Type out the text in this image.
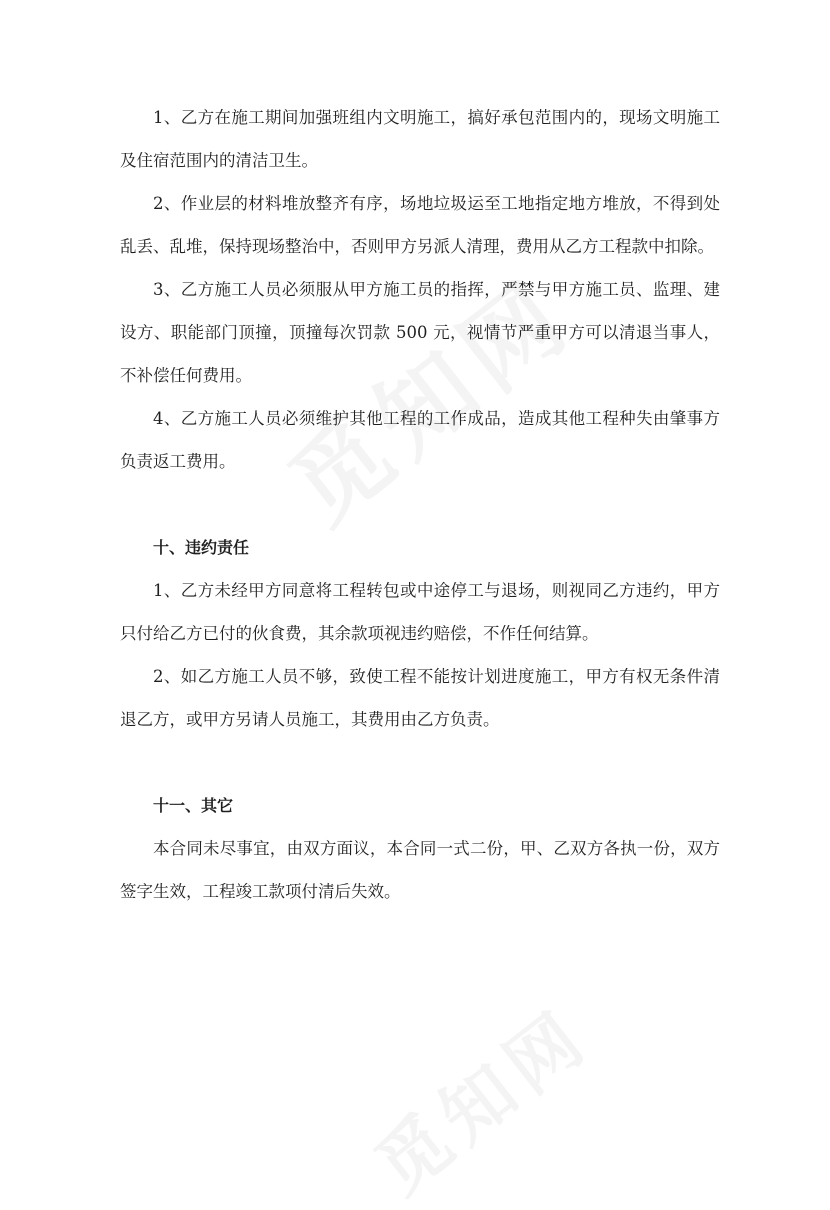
1、乙方在施工期间加强班组内文明施工，搞好承包范围内的，现场文明施工及住宿范围内的清洁卫生。

2、作业层的材料堆放整齐有序，场地垃圾运至工地指定地方堆放，不得到处乱丢、乱堆，保持现场整治中，否则甲方另派人清理，费用从乙方工程款中扣除。

3、乙方施工人员必须服从甲方施工员的指挥，严禁与甲方施工员、监理、建设方、职能部门顶撞，顶撞每次罚款 500 元，视情节严重甲方可以清退当事人，不补偿任何费用。

4、乙方施工人员必须维护其他工程的工作成品，造成其他工程种失由肇事方负责返工费用。

十、违约责任

1、乙方未经甲方同意将工程转包或中途停工与退场，则视同乙方违约，甲方只付给乙方已付的伙食费，其余款项视违约赔偿，不作任何结算。

2、如乙方施工人员不够，致使工程不能按计划进度施工，甲方有权无条件清退乙方，或甲方另请人员施工，其费用由乙方负责。

十一、其它

本合同未尽事宜，由双方面议，本合同一式二份，甲、乙双方各执一份，双方签字生效，工程竣工款项付清后失效。
